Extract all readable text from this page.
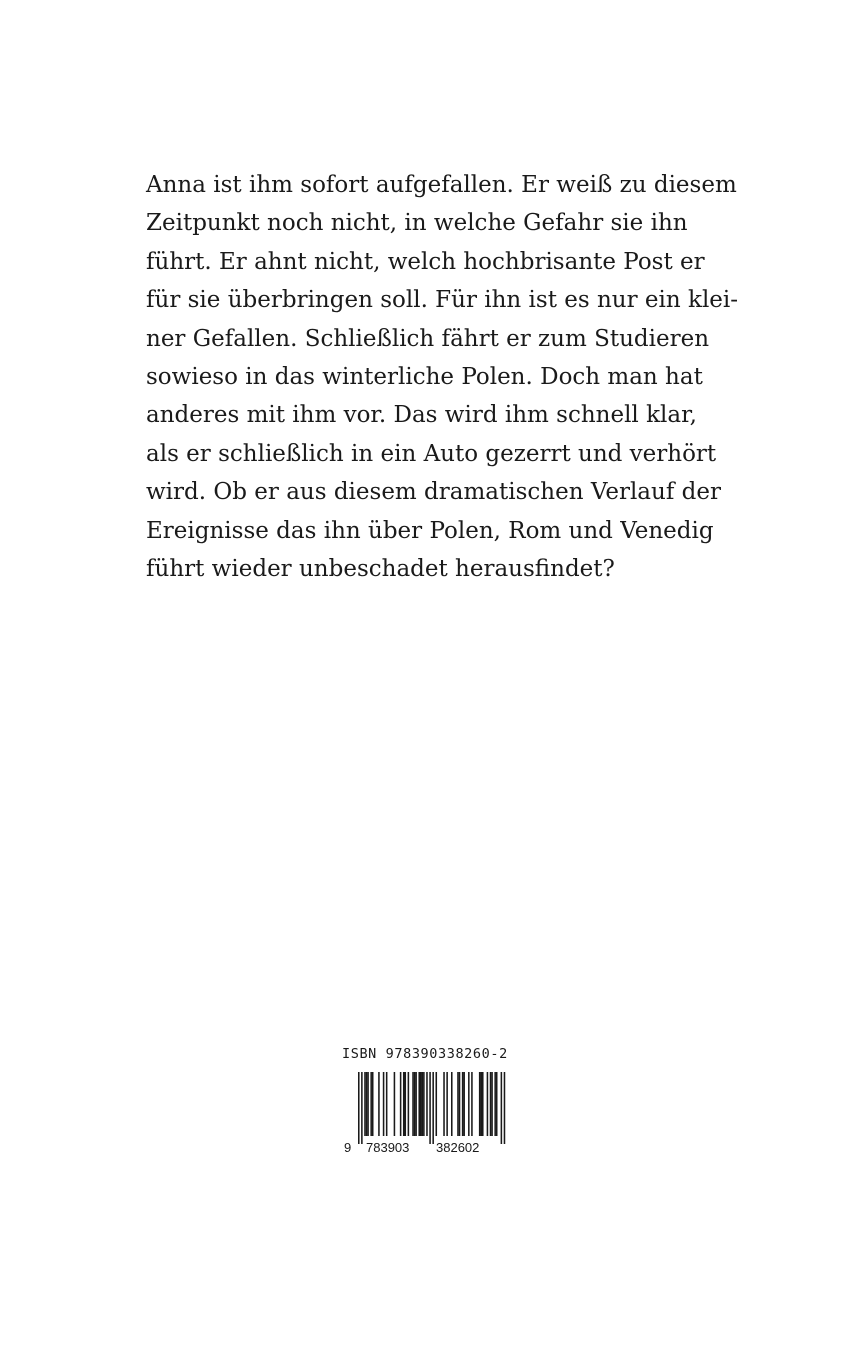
Anna ist ihm sofort aufgefallen. Er weiß zu diesem
Zeitpunkt noch nicht, in welche Gefahr sie ihn
führt. Er ahnt nicht, welch hochbrisante Post er
für sie überbringen soll. Für ihn ist es nur ein klei-
ner Gefallen. Schließlich fährt er zum Studieren
sowieso in das winterliche Polen. Doch man hat
anderes mit ihm vor. Das wird ihm schnell klar,
als er schließlich in ein Auto gezerrt und verhört
wird. Ob er aus diesem dramatischen Verlauf der
Ereignisse das ihn über Polen, Rom und Venedig
führt wieder unbeschadet herausfindet?
ISBN 978390338260-2
9 783903 382602
